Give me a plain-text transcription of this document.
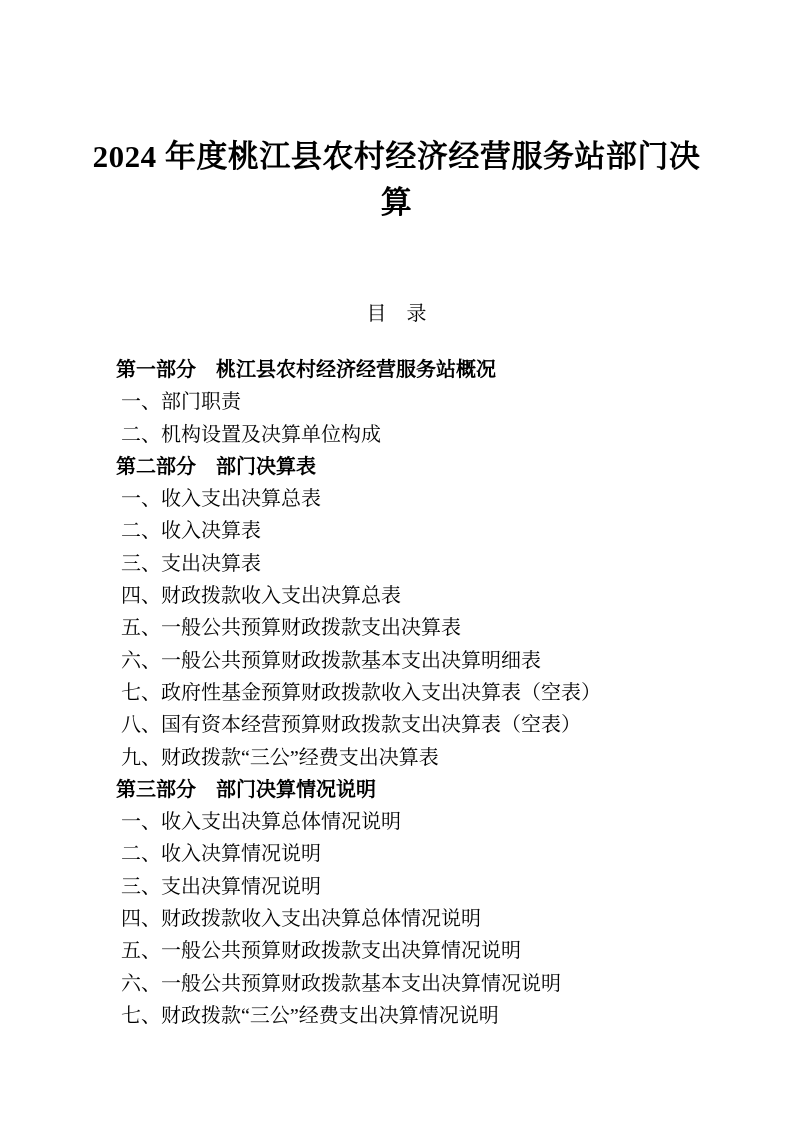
2024 年度桃江县农村经济经营服务站部门决算
目　录
第一部分　桃江县农村经济经营服务站概况
一、部门职责
二、机构设置及决算单位构成
第二部分　部门决算表
一、收入支出决算总表
二、收入决算表
三、支出决算表
四、财政拨款收入支出决算总表
五、一般公共预算财政拨款支出决算表
六、一般公共预算财政拨款基本支出决算明细表
七、政府性基金预算财政拨款收入支出决算表（空表）
八、国有资本经营预算财政拨款支出决算表（空表）
九、财政拨款“三公”经费支出决算表
第三部分　部门决算情况说明
一、收入支出决算总体情况说明
二、收入决算情况说明
三、支出决算情况说明
四、财政拨款收入支出决算总体情况说明
五、一般公共预算财政拨款支出决算情况说明
六、一般公共预算财政拨款基本支出决算情况说明
七、财政拨款“三公”经费支出决算情况说明
